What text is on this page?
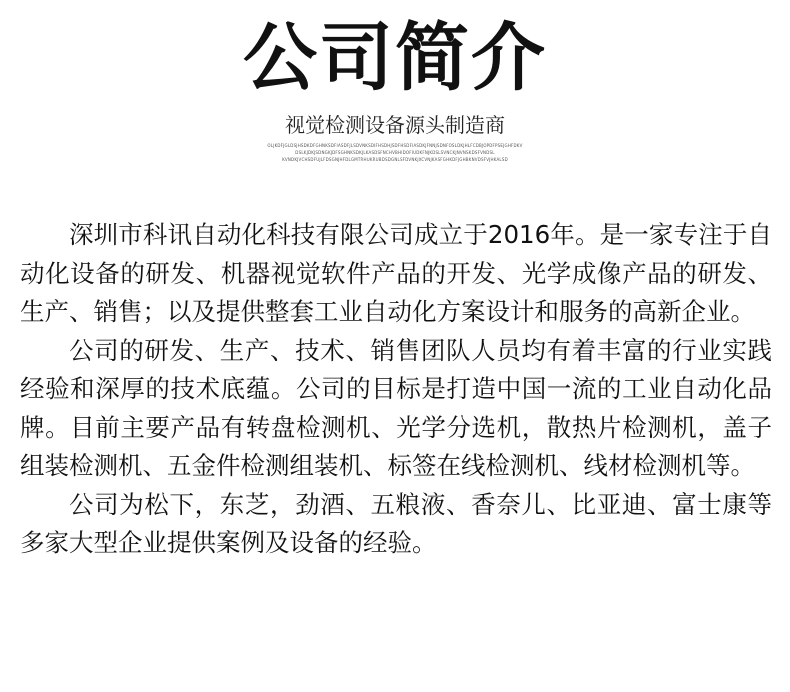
公司简介
视觉检测设备源头制造商
OLJKDFJGLDSJHSDKDFGHNKSDFIASDFJLSDVNKSDIFHSDHJSDFHSDFIASDKJFNNJSDNFOSLDKJHLFCDBJOPDFPSEJGHFDKV
DSLKJDKJSDNGKJDFSGHNKSDKJLKASDSFNCHVBHIDOFIUDKFNJKDSLSVNCKJNVNSKDSFVNDSL
KVNDKJVCHSDFUJLFDSGNJHFDLGMTRHUKRUBDSDGNLSFDVNKJXCVNJKASFGHKDFJGHBKNVDSFVJHKALSD

深圳市科讯自动化科技有限公司成立于2016年。是一家专注于自动化设备的研发、机器视觉软件产品的开发、光学成像产品的研发、生产、销售；以及提供整套工业自动化方案设计和服务的高新企业。

公司的研发、生产、技术、销售团队人员均有着丰富的行业实践经验和深厚的技术底蕴。公司的目标是打造中国一流的工业自动化品牌。目前主要产品有转盘检测机、光学分选机，散热片检测机，盖子组装检测机、五金件检测组装机、标签在线检测机、线材检测机等。

公司为松下，东芝，劲酒、五粮液、香奈儿、比亚迪、富士康等多家大型企业提供案例及设备的经验。
